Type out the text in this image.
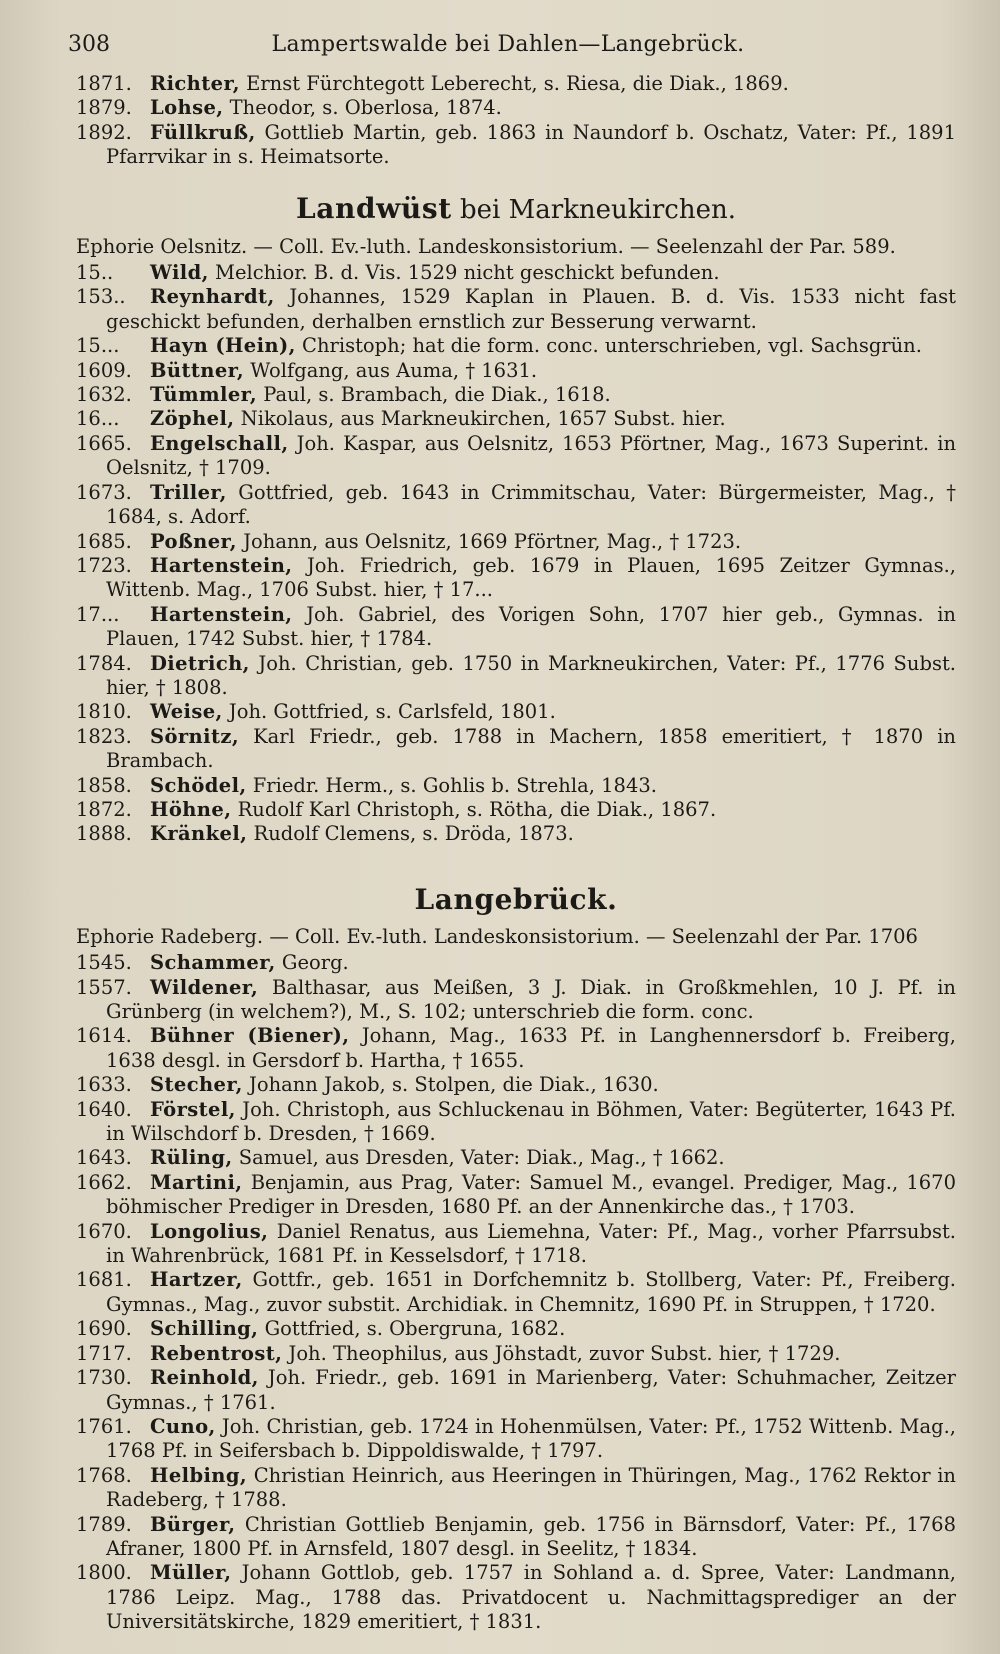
308	Lampertswalde bei Dahlen—Langebrück.

1871. Richter, Ernst Fürchtegott Leberecht, s. Riesa, die Diak., 1869.

1879. Lohse, Theodor, s. Oberlosa, 1874.

1892. Füllkruß, Gottlieb Martin, geb. 1863 in Naundorf b. Oschatz, Vater: Pf., 1891 Pfarrvikar in s. Heimatsorte.

Landwüst bei Markneukirchen.

Ephorie Oelsnitz. — Coll. Ev.-luth. Landeskonsistorium. — Seelenzahl der Par. 589.

15.. Wild, Melchior. B. d. Vis. 1529 nicht geschickt befunden.

153.. Reynhardt, Johannes, 1529 Kaplan in Plauen. B. d. Vis. 1533 nicht fast geschickt befunden, derhalben ernstlich zur Besserung verwarnt.

15... Hayn (Hein), Christoph; hat die form. conc. unterschrieben, vgl. Sachsgrün.

1609. Büttner, Wolfgang, aus Auma, † 1631.

1632. Tümmler, Paul, s. Brambach, die Diak., 1618.

16... Zöphel, Nikolaus, aus Markneukirchen, 1657 Subst. hier.

1665. Engelschall, Joh. Kaspar, aus Oelsnitz, 1653 Pförtner, Mag., 1673 Superint. in Oelsnitz, † 1709.

1673. Triller, Gottfried, geb. 1643 in Crimmitschau, Vater: Bürgermeister, Mag., † 1684, s. Adorf.

1685. Poßner, Johann, aus Oelsnitz, 1669 Pförtner, Mag., † 1723.

1723. Hartenstein, Joh. Friedrich, geb. 1679 in Plauen, 1695 Zeitzer Gymnas., Wittenb. Mag., 1706 Subst. hier, † 17...

17... Hartenstein, Joh. Gabriel, des Vorigen Sohn, 1707 hier geb., Gymnas. in Plauen, 1742 Subst. hier, † 1784.

1784. Dietrich, Joh. Christian, geb. 1750 in Markneukirchen, Vater: Pf., 1776 Subst. hier, † 1808.

1810. Weise, Joh. Gottfried, s. Carlsfeld, 1801.

1823. Sörnitz, Karl Friedr., geb. 1788 in Machern, 1858 emeritiert, † 1870 in Brambach.

1858. Schödel, Friedr. Herm., s. Gohlis b. Strehla, 1843.

1872. Höhne, Rudolf Karl Christoph, s. Rötha, die Diak., 1867.

1888. Kränkel, Rudolf Clemens, s. Dröda, 1873.

Langebrück.

Ephorie Radeberg. — Coll. Ev.-luth. Landeskonsistorium. — Seelenzahl der Par. 1706

1545. Schammer, Georg.

1557. Wildener, Balthasar, aus Meißen, 3 J. Diak. in Großkmehlen, 10 J. Pf. in Grünberg (in welchem?), M., S. 102; unterschrieb die form. conc.

1614. Bühner (Biener), Johann, Mag., 1633 Pf. in Langhennersdorf b. Freiberg, 1638 desgl. in Gersdorf b. Hartha, † 1655.

1633. Stecher, Johann Jakob, s. Stolpen, die Diak., 1630.

1640. Förstel, Joh. Christoph, aus Schluckenau in Böhmen, Vater: Begüterter, 1643 Pf. in Wilschdorf b. Dresden, † 1669.

1643. Rüling, Samuel, aus Dresden, Vater: Diak., Mag., † 1662.

1662. Martini, Benjamin, aus Prag, Vater: Samuel M., evangel. Prediger, Mag., 1670 böhmischer Prediger in Dresden, 1680 Pf. an der Annenkirche das., † 1703.

1670. Longolius, Daniel Renatus, aus Liemehna, Vater: Pf., Mag., vorher Pfarrsubst. in Wahrenbrück, 1681 Pf. in Kesselsdorf, † 1718.

1681. Hartzer, Gottfr., geb. 1651 in Dorfchemnitz b. Stollberg, Vater: Pf., Freiberg. Gymnas., Mag., zuvor substit. Archidiak. in Chemnitz, 1690 Pf. in Struppen, † 1720.

1690. Schilling, Gottfried, s. Obergruna, 1682.

1717. Rebentrost, Joh. Theophilus, aus Jöhstadt, zuvor Subst. hier, † 1729.

1730. Reinhold, Joh. Friedr., geb. 1691 in Marienberg, Vater: Schuhmacher, Zeitzer Gymnas., † 1761.

1761. Cuno, Joh. Christian, geb. 1724 in Hohenmülsen, Vater: Pf., 1752 Wittenb. Mag., 1768 Pf. in Seifersbach b. Dippoldiswalde, † 1797.

1768. Helbing, Christian Heinrich, aus Heeringen in Thüringen, Mag., 1762 Rektor in Radeberg, † 1788.

1789. Bürger, Christian Gottlieb Benjamin, geb. 1756 in Bärnsdorf, Vater: Pf., 1768 Afraner, 1800 Pf. in Arnsfeld, 1807 desgl. in Seelitz, † 1834.

1800. Müller, Johann Gottlob, geb. 1757 in Sohland a. d. Spree, Vater: Landmann, 1786 Leipz. Mag., 1788 das. Privatdocent u. Nachmittagsprediger an der Universitätskirche, 1829 emeritiert, † 1831.
